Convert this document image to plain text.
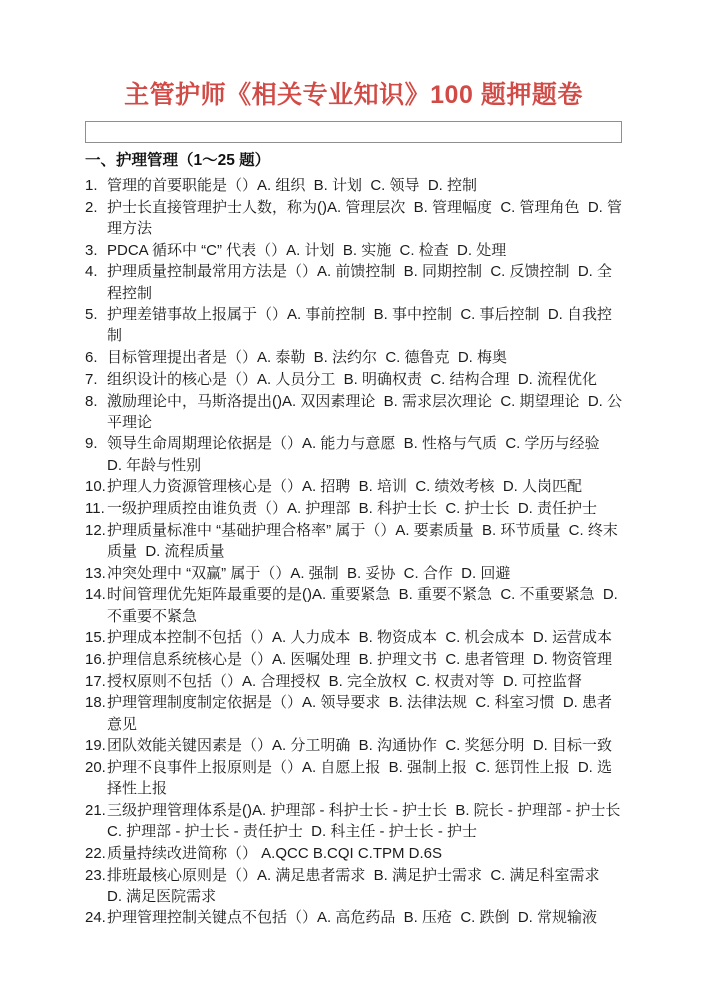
主管护师《相关专业知识》100 题押题卷
一、护理管理（1～25 题）
1. 管理的首要职能是（）A. 组织  B. 计划  C. 领导  D. 控制
2. 护士长直接管理护士人数，称为()A. 管理层次  B. 管理幅度  C. 管理角色  D. 管理方法
3. PDCA 循环中 “C” 代表（）A. 计划  B. 实施  C. 检查  D. 处理
4. 护理质量控制最常用方法是（）A. 前馈控制  B. 同期控制  C. 反馈控制  D. 全程控制
5. 护理差错事故上报属于（）A. 事前控制  B. 事中控制  C. 事后控制  D. 自我控制
6. 目标管理提出者是（）A. 泰勒  B. 法约尔  C. 德鲁克  D. 梅奥
7. 组织设计的核心是（）A. 人员分工  B. 明确权责  C. 结构合理  D. 流程优化
8. 激励理论中，马斯洛提出()A. 双因素理论  B. 需求层次理论  C. 期望理论  D. 公平理论
9. 领导生命周期理论依据是（）A. 能力与意愿  B. 性格与气质  C. 学历与经验  D. 年龄与性别
10. 护理人力资源管理核心是（）A. 招聘  B. 培训  C. 绩效考核  D. 人岗匹配
11. 一级护理质控由谁负责（）A. 护理部  B. 科护士长  C. 护士长  D. 责任护士
12. 护理质量标准中 “基础护理合格率” 属于（）A. 要素质量  B. 环节质量  C. 终末质量  D. 流程质量
13. 冲突处理中 “双赢” 属于（）A. 强制  B. 妥协  C. 合作  D. 回避
14. 时间管理优先矩阵最重要的是()A. 重要紧急  B. 重要不紧急  C. 不重要紧急  D. 不重要不紧急
15. 护理成本控制不包括（）A. 人力成本  B. 物资成本  C. 机会成本  D. 运营成本
16. 护理信息系统核心是（）A. 医嘱处理  B. 护理文书  C. 患者管理  D. 物资管理
17. 授权原则不包括（）A. 合理授权  B. 完全放权  C. 权责对等  D. 可控监督
18. 护理管理制度制定依据是（）A. 领导要求  B. 法律法规  C. 科室习惯  D. 患者意见
19. 团队效能关键因素是（）A. 分工明确  B. 沟通协作  C. 奖惩分明  D. 目标一致
20. 护理不良事件上报原则是（）A. 自愿上报  B. 强制上报  C. 惩罚性上报  D. 选择性上报
21. 三级护理管理体系是()A. 护理部 - 科护士长 - 护士长  B. 院长 - 护理部 - 护士长 C. 护理部 - 护士长 - 责任护士  D. 科主任 - 护士长 - 护士
22. 质量持续改进简称（） A.QCC B.CQI C.TPM D.6S
23. 排班最核心原则是（）A. 满足患者需求  B. 满足护士需求  C. 满足科室需求  D. 满足医院需求
24. 护理管理控制关键点不包括（）A. 高危药品  B. 压疮  C. 跌倒  D. 常规输液
